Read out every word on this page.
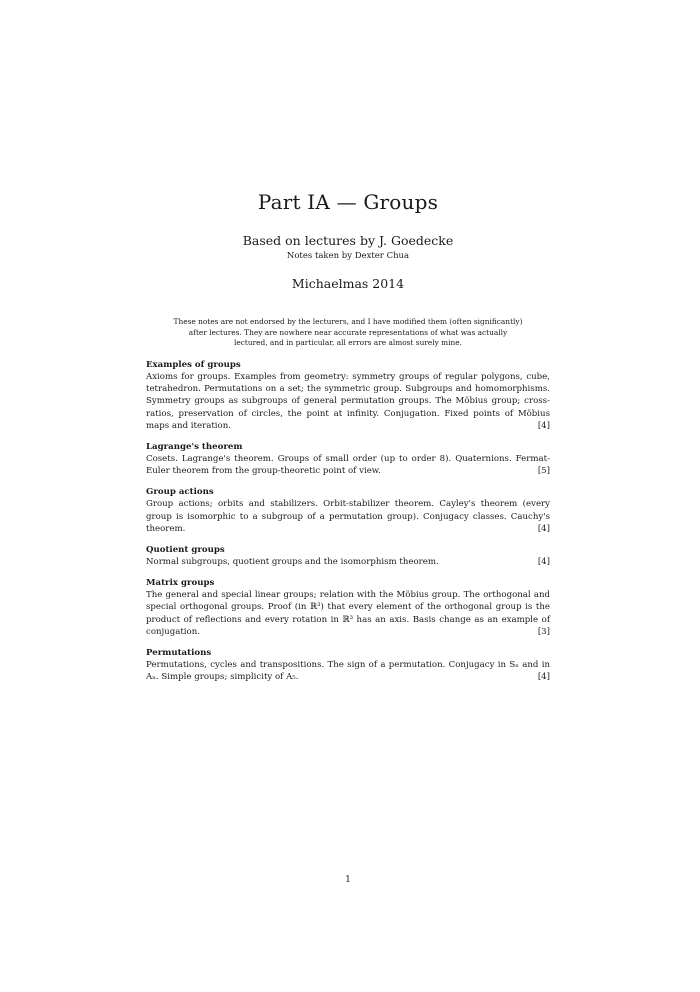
Part IA — Groups
Based on lectures by J. Goedecke
Notes taken by Dexter Chua
Michaelmas 2014
These notes are not endorsed by the lecturers, and I have modified them (often significantly) after lectures. They are nowhere near accurate representations of what was actually lectured, and in particular, all errors are almost surely mine.

Examples of groups

Axioms for groups. Examples from geometry: symmetry groups of regular polygons, cube, tetrahedron. Permutations on a set; the symmetric group. Subgroups and homomorphisms. Symmetry groups as subgroups of general permutation groups. The Möbius group; cross-ratios, preservation of circles, the point at infinity. Conjugation. Fixed points of Möbius maps and iteration.	[4]

Lagrange's theorem

Cosets. Lagrange's theorem. Groups of small order (up to order 8). Quaternions. Fermat-Euler theorem from the group-theoretic point of view.	[5]

Group actions

Group actions; orbits and stabilizers. Orbit-stabilizer theorem. Cayley's theorem (every group is isomorphic to a subgroup of a permutation group). Conjugacy classes. Cauchy's theorem.	[4]

Quotient groups

Normal subgroups, quotient groups and the isomorphism theorem.	[4]

Matrix groups

The general and special linear groups; relation with the Möbius group. The orthogonal and special orthogonal groups. Proof (in ℝ³) that every element of the orthogonal group is the product of reflections and every rotation in ℝ³ has an axis. Basis change as an example of conjugation.	[3]

Permutations

Permutations, cycles and transpositions. The sign of a permutation. Conjugacy in Sₙ and in Aₙ. Simple groups; simplicity of A₅.	[4]

1
